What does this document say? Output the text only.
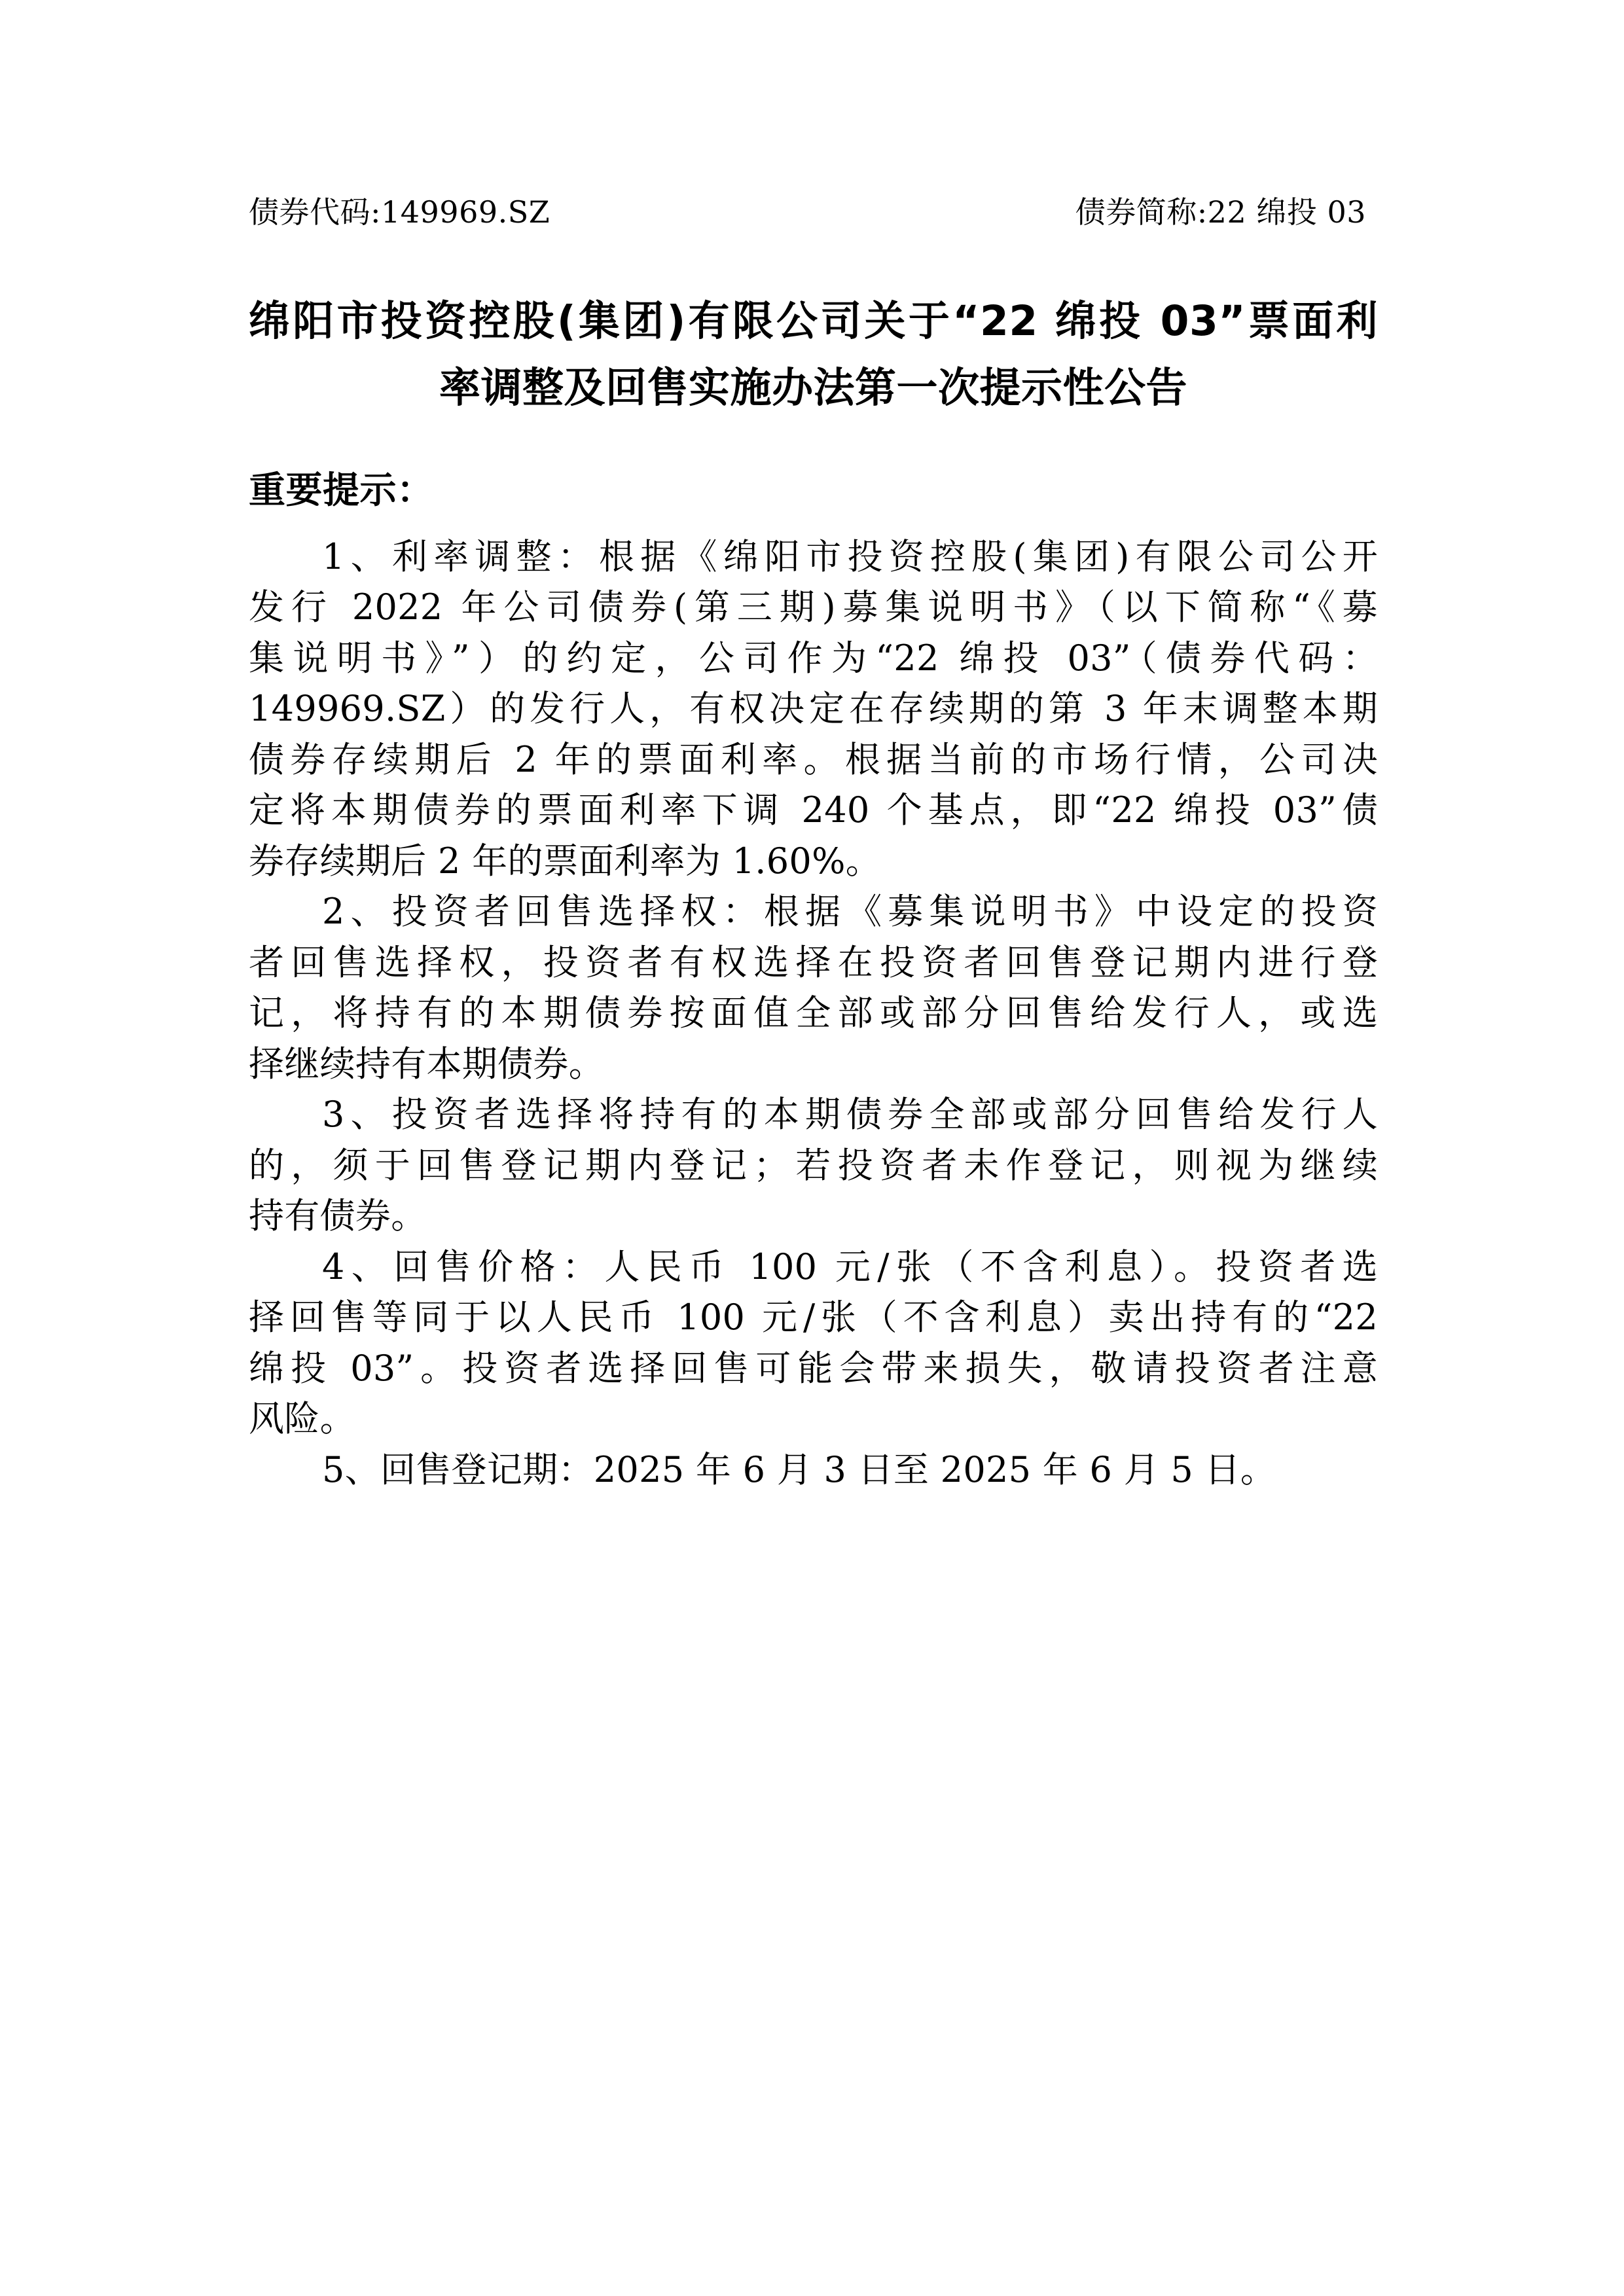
债券代码:149969.SZ	债券简称:22 绵投 03
绵阳市投资控股(集团)有限公司关于“22 绵投 03”票面利
率调整及回售实施办法第一次提示性公告
重要提示：

1、利率调整：根据《绵阳市投资控股(集团)有限公司公开
发行 2022 年公司债券(第三期)募集说明书》（以下简称“《募
集说明书》”）的约定，公司作为“22 绵投 03”（债券代码：
149969.SZ）的发行人，有权决定在存续期的第 3 年末调整本期
债券存续期后 2 年的票面利率。根据当前的市场行情，公司决
定将本期债券的票面利率下调 240 个基点，即“22 绵投 03”债
券存续期后 2 年的票面利率为 1.60%。

2、投资者回售选择权：根据《募集说明书》中设定的投资
者回售选择权，投资者有权选择在投资者回售登记期内进行登
记，将持有的本期债券按面值全部或部分回售给发行人，或选
择继续持有本期债券。

3、投资者选择将持有的本期债券全部或部分回售给发行人
的，须于回售登记期内登记；若投资者未作登记，则视为继续
持有债券。

4、回售价格：人民币 100 元/张（不含利息）。投资者选
择回售等同于以人民币 100 元/张（不含利息）卖出持有的“22
绵投 03”。投资者选择回售可能会带来损失，敬请投资者注意
风险。

5、回售登记期：2025 年 6 月 3 日至 2025 年 6 月 5 日。
